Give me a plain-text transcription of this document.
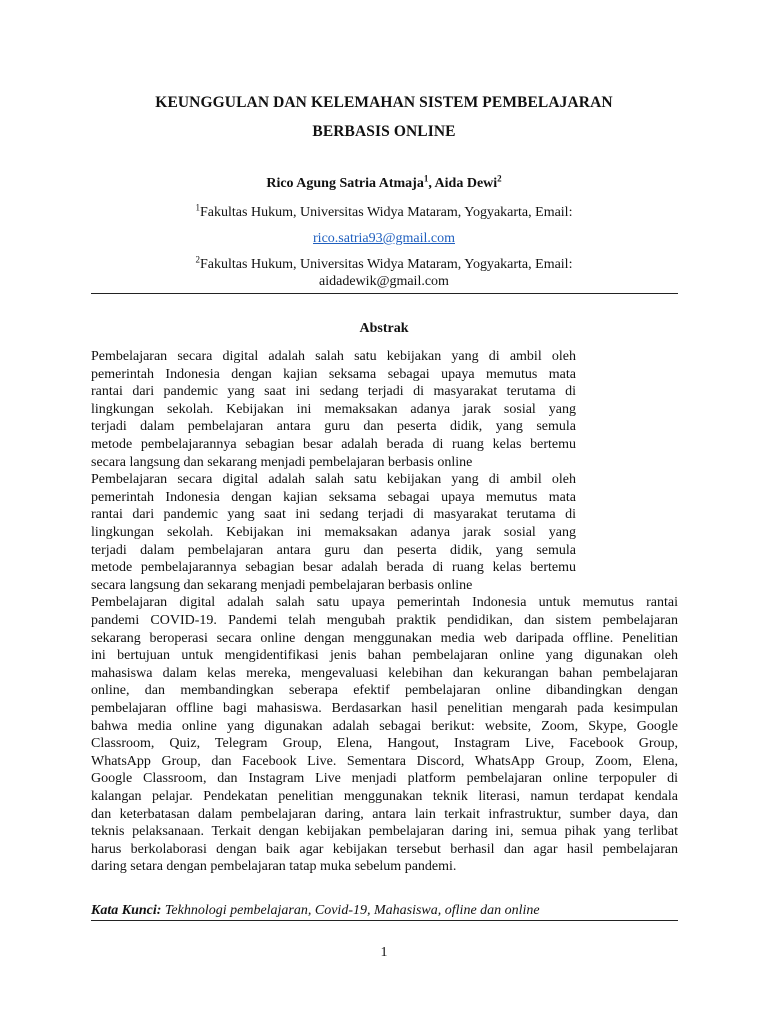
KEUNGGULAN DAN KELEMAHAN SISTEM PEMBELAJARAN
BERBASIS ONLINE
Rico Agung Satria Atmaja$^1$, Aida Dewi$^2$
$^1$Fakultas Hukum, Universitas Widya Mataram, Yogyakarta, Email:
rico.satria93@gmail.com
$^2$Fakultas Hukum, Universitas Widya Mataram, Yogyakarta, Email:
aidadewik@gmail.com
Abstrak
Pembelajaran secara digital adalah salah satu kebijakan yang di ambil oleh
pemerintah Indonesia dengan kajian seksama sebagai upaya memutus mata
rantai dari pandemic yang saat ini sedang terjadi di masyarakat terutama di
lingkungan sekolah. Kebijakan ini memaksakan adanya jarak sosial yang
terjadi dalam pembelajaran antara guru dan peserta didik, yang semula
metode pembelajarannya sebagian besar adalah berada di ruang kelas bertemu
secara langsung dan sekarang menjadi pembelajaran berbasis online
Pembelajaran secara digital adalah salah satu kebijakan yang di ambil oleh
pemerintah Indonesia dengan kajian seksama sebagai upaya memutus mata
rantai dari pandemic yang saat ini sedang terjadi di masyarakat terutama di
lingkungan sekolah. Kebijakan ini memaksakan adanya jarak sosial yang
terjadi dalam pembelajaran antara guru dan peserta didik, yang semula
metode pembelajarannya sebagian besar adalah berada di ruang kelas bertemu
secara langsung dan sekarang menjadi pembelajaran berbasis online
Pembelajaran digital adalah salah satu upaya pemerintah Indonesia untuk memutus rantai
pandemi COVID-19. Pandemi telah mengubah praktik pendidikan, dan sistem pembelajaran
sekarang beroperasi secara online dengan menggunakan media web daripada offline. Penelitian
ini bertujuan untuk mengidentifikasi jenis bahan pembelajaran online yang digunakan oleh
mahasiswa dalam kelas mereka, mengevaluasi kelebihan dan kekurangan bahan pembelajaran
online, dan membandingkan seberapa efektif pembelajaran online dibandingkan dengan
pembelajaran offline bagi mahasiswa. Berdasarkan hasil penelitian mengarah pada kesimpulan
bahwa media online yang digunakan adalah sebagai berikut: website, Zoom, Skype, Google
Classroom, Quiz, Telegram Group, Elena, Hangout, Instagram Live, Facebook Group,
WhatsApp Group, dan Facebook Live. Sementara Discord, WhatsApp Group, Zoom, Elena,
Google Classroom, dan Instagram Live menjadi platform pembelajaran online terpopuler di
kalangan pelajar. Pendekatan penelitian menggunakan teknik literasi, namun terdapat kendala
dan keterbatasan dalam pembelajaran daring, antara lain terkait infrastruktur, sumber daya, dan
teknis pelaksanaan. Terkait dengan kebijakan pembelajaran daring ini, semua pihak yang terlibat
harus berkolaborasi dengan baik agar kebijakan tersebut berhasil dan agar hasil pembelajaran
daring setara dengan pembelajaran tatap muka sebelum pandemi.
Kata Kunci: Tekhnologi pembelajaran, Covid-19, Mahasiswa, ofline dan online
1
